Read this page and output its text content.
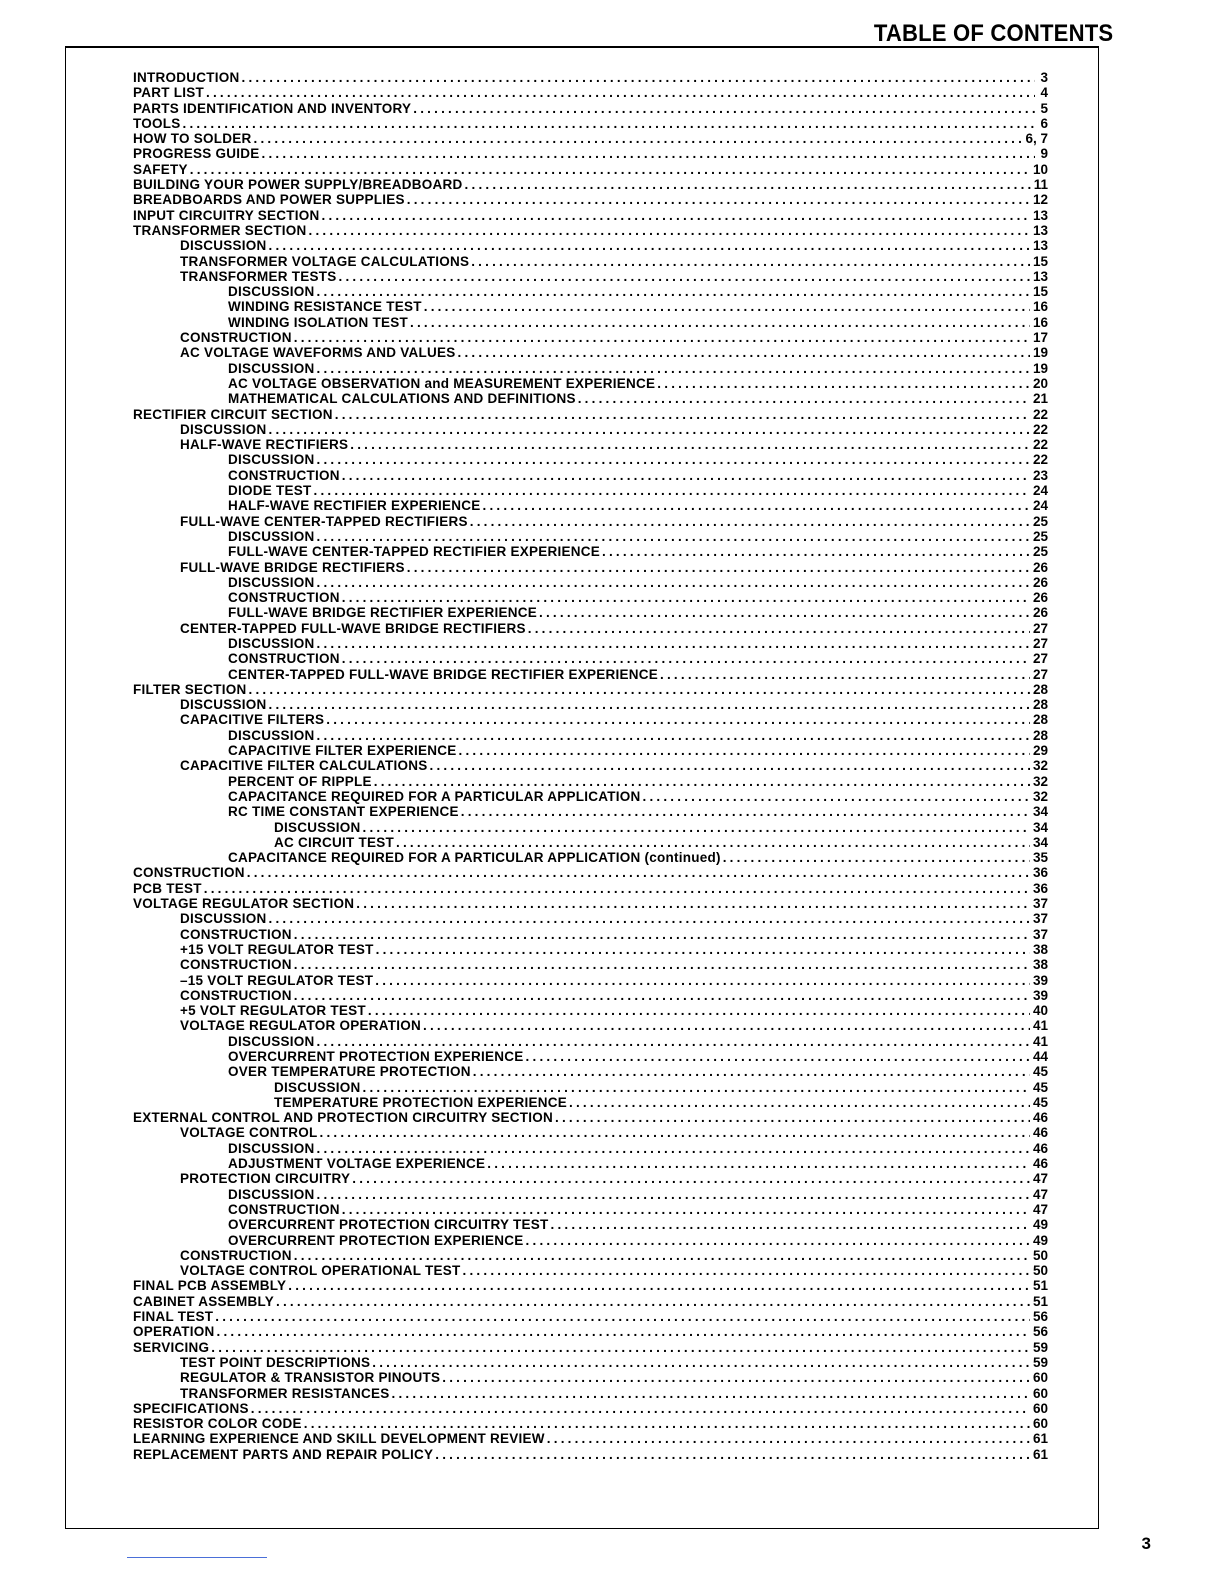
TABLE OF CONTENTS
INTRODUCTION .....	3
PART LIST .....	4
PARTS IDENTIFICATION AND INVENTORY .....	5
TOOLS .....	6
HOW TO SOLDER .....	6, 7
PROGRESS GUIDE .....	9
SAFETY .....	10
BUILDING YOUR POWER SUPPLY/BREADBOARD .....	11
BREADBOARDS AND POWER SUPPLIES .....	12
INPUT CIRCUITRY SECTION .....	13
TRANSFORMER SECTION .....	13
DISCUSSION .....	13
TRANSFORMER VOLTAGE CALCULATIONS .....	15
TRANSFORMER TESTS .....	13
DISCUSSION .....	15
WINDING RESISTANCE TEST .....	16
WINDING ISOLATION TEST .....	16
CONSTRUCTION .....	17
AC VOLTAGE WAVEFORMS AND VALUES .....	19
DISCUSSION .....	19
AC VOLTAGE OBSERVATION and MEASUREMENT EXPERIENCE .....	20
MATHEMATICAL CALCULATIONS AND DEFINITIONS .....	21
RECTIFIER CIRCUIT SECTION .....	22
DISCUSSION .....	22
HALF-WAVE RECTIFIERS .....	22
DISCUSSION .....	22
CONSTRUCTION .....	23
DIODE TEST .....	24
HALF-WAVE RECTIFIER EXPERIENCE .....	24
FULL-WAVE CENTER-TAPPED RECTIFIERS .....	25
DISCUSSION .....	25
FULL-WAVE CENTER-TAPPED RECTIFIER EXPERIENCE .....	25
FULL-WAVE BRIDGE RECTIFIERS .....	26
DISCUSSION .....	26
CONSTRUCTION .....	26
FULL-WAVE BRIDGE RECTIFIER EXPERIENCE .....	26
CENTER-TAPPED FULL-WAVE BRIDGE RECTIFIERS .....	27
DISCUSSION .....	27
CONSTRUCTION .....	27
CENTER-TAPPED FULL-WAVE BRIDGE RECTIFIER EXPERIENCE .....	27
FILTER SECTION .....	28
DISCUSSION .....	28
CAPACITIVE FILTERS .....	28
DISCUSSION .....	28
CAPACITIVE FILTER EXPERIENCE .....	29
CAPACITIVE FILTER CALCULATIONS .....	32
PERCENT OF RIPPLE .....	32
CAPACITANCE REQUIRED FOR A PARTICULAR APPLICATION .....	32
RC TIME CONSTANT EXPERIENCE .....	34
DISCUSSION .....	34
AC CIRCUIT TEST .....	34
CAPACITANCE REQUIRED FOR A PARTICULAR APPLICATION (continued) .....	35
CONSTRUCTION .....	36
PCB TEST .....	36
VOLTAGE REGULATOR SECTION .....	37
DISCUSSION .....	37
CONSTRUCTION .....	37
+15 VOLT REGULATOR TEST .....	38
CONSTRUCTION .....	38
–15 VOLT REGULATOR TEST .....	39
CONSTRUCTION .....	39
+5 VOLT REGULATOR TEST .....	40
VOLTAGE REGULATOR OPERATION .....	41
DISCUSSION .....	41
OVERCURRENT PROTECTION EXPERIENCE .....	44
OVER TEMPERATURE PROTECTION .....	45
DISCUSSION .....	45
TEMPERATURE PROTECTION EXPERIENCE .....	45
EXTERNAL CONTROL AND PROTECTION CIRCUITRY SECTION .....	46
VOLTAGE CONTROL .....	46
DISCUSSION .....	46
ADJUSTMENT VOLTAGE EXPERIENCE .....	46
PROTECTION CIRCUITRY .....	47
DISCUSSION .....	47
CONSTRUCTION .....	47
OVERCURRENT PROTECTION CIRCUITRY TEST .....	49
OVERCURRENT PROTECTION EXPERIENCE .....	49
CONSTRUCTION .....	50
VOLTAGE CONTROL OPERATIONAL TEST .....	50
FINAL PCB ASSEMBLY .....	51
CABINET ASSEMBLY .....	51
FINAL TEST .....	56
OPERATION .....	56
SERVICING .....	59
TEST POINT DESCRIPTIONS .....	59
REGULATOR & TRANSISTOR PINOUTS .....	60
TRANSFORMER RESISTANCES .....	60
SPECIFICATIONS .....	60
RESISTOR COLOR CODE .....	60
LEARNING EXPERIENCE AND SKILL DEVELOPMENT REVIEW .....	61
REPLACEMENT PARTS AND REPAIR POLICY .....	61
3
